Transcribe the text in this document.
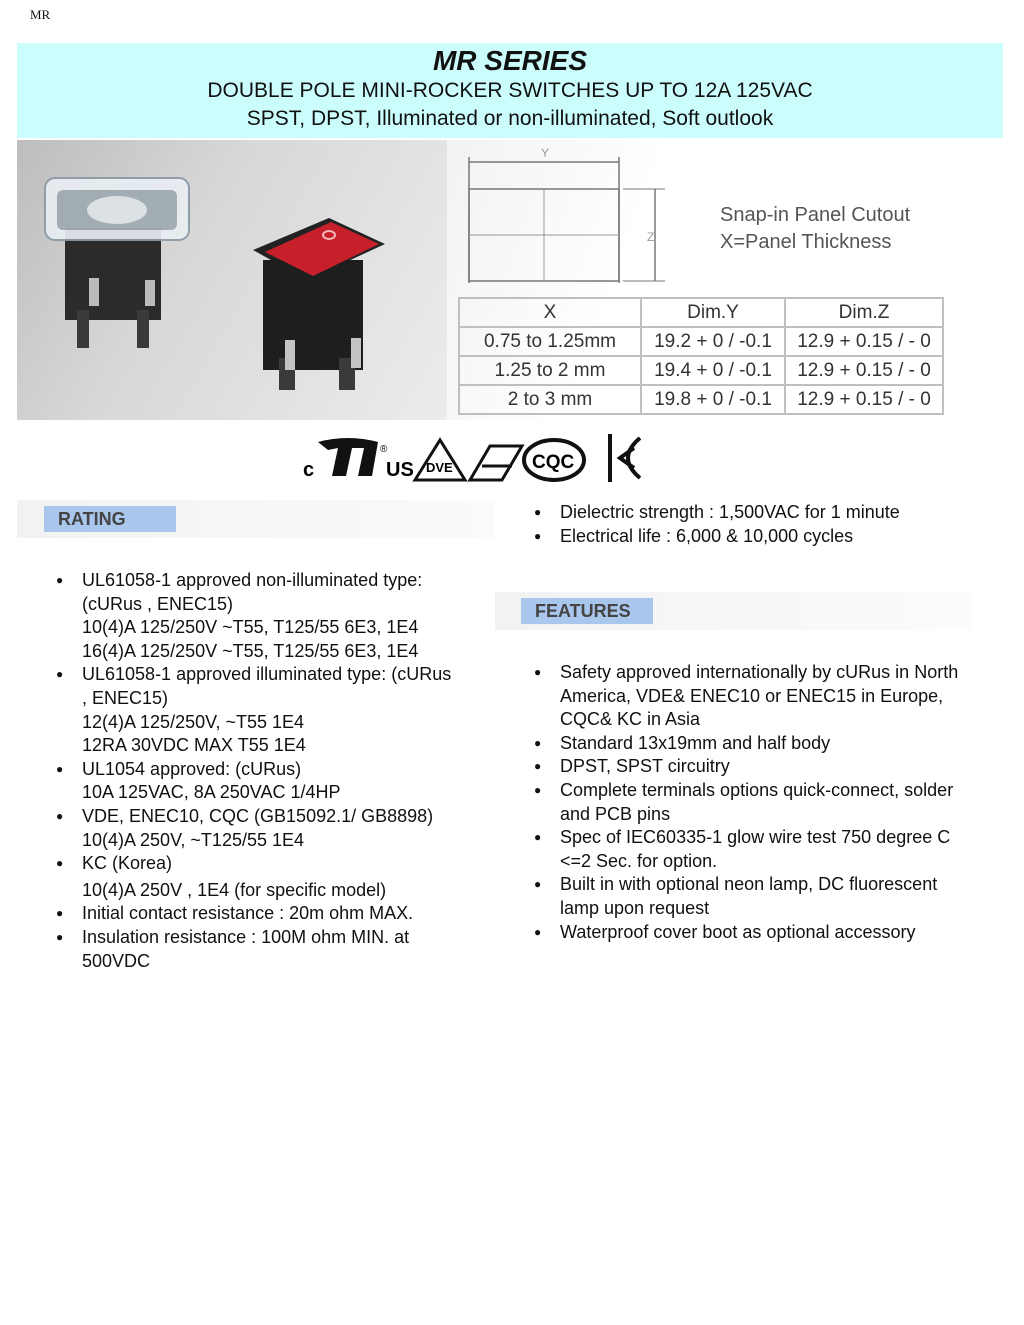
MR
MR SERIES
DOUBLE POLE MINI-ROCKER SWITCHES UP TO 12A 125VAC
SPST, DPST, Illuminated or non-illuminated, Soft outlook
Y
Z
Snap-in Panel Cutout
X=Panel Thickness
X	Dim.Y	Dim.Z
0.75 to 1.25mm	19.2 + 0 / -0.1	12.9 + 0.15 / - 0
1.25 to 2 mm	19.4 + 0 / -0.1	12.9 + 0.15 / - 0
2 to 3 mm	19.8 + 0 / -0.1	12.9 + 0.15 / - 0
c
®
US DVE	CQC
RATING
● UL61058-1 approved non-illuminated type:
(cURus , ENEC15)
10(4)A 125/250V ~T55, T125/55 6E3, 1E4
16(4)A 125/250V ~T55, T125/55 6E3, 1E4
● UL61058-1 approved illuminated type: (cURus
, ENEC15)
12(4)A 125/250V, ~T55 1E4
12RA 30VDC MAX T55 1E4
● UL1054 approved: (cURus)
10A 125VAC, 8A 250VAC 1/4HP
● VDE, ENEC10, CQC (GB15092.1/ GB8898)
10(4)A 250V, ~T125/55 1E4
● KC (Korea)
10(4)A 250V , 1E4 (for specific model)
● Initial contact resistance : 20m ohm MAX.
● Insulation resistance : 100M ohm MIN. at
500VDC
● Dielectric strength : 1,500VAC for 1 minute
● Electrical life : 6,000 & 10,000 cycles
FEATURES
● Safety approved internationally by cURus in North
America, VDE& ENEC10 or ENEC15 in Europe,
CQC& KC in Asia
● Standard 13x19mm and half body
● DPST, SPST circuitry
● Complete terminals options quick-connect, solder
and PCB pins
● Spec of IEC60335-1 glow wire test 750 degree C
<=2 Sec. for option.
● Built in with optional neon lamp, DC fluorescent
lamp upon request
● Waterproof cover boot as optional accessory
